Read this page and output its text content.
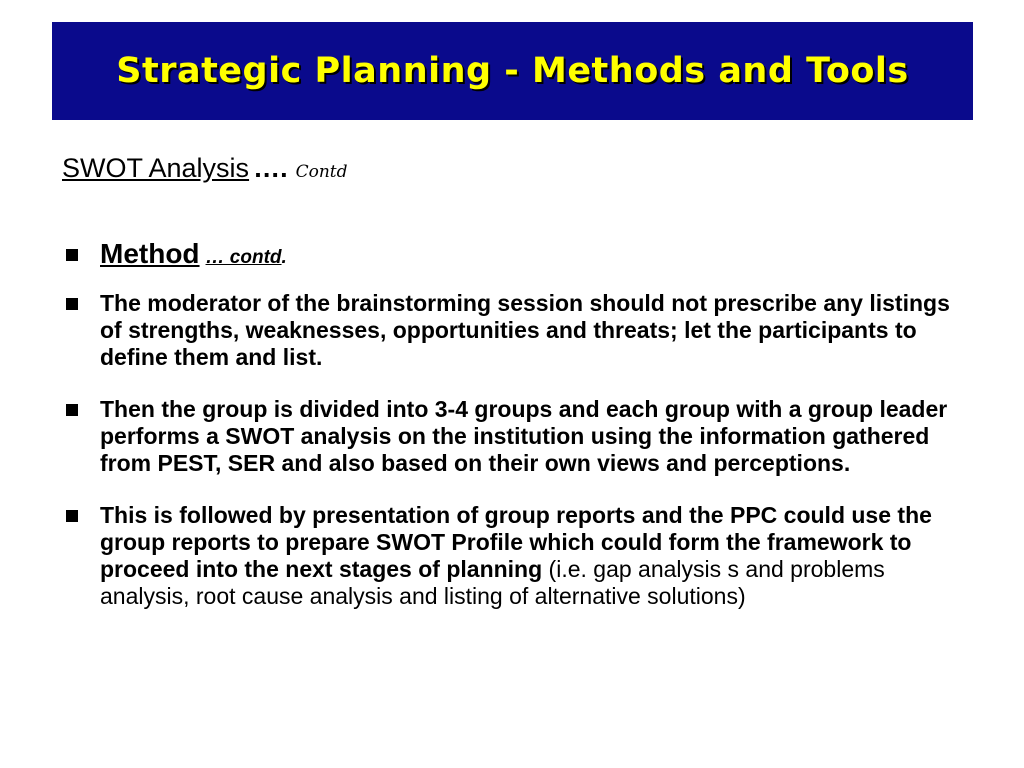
Strategic Planning - Methods and Tools
SWOT Analysis …. Contd
Method … contd.
The moderator of the brainstorming session should not prescribe any listings of strengths, weaknesses, opportunities and threats; let the participants to define them and list.
Then the group is divided into 3-4 groups and each group with a group leader performs a SWOT analysis on the institution using the information gathered from PEST, SER and also based on their own views and perceptions.
This is followed by presentation of group reports and the PPC could use the group reports to prepare SWOT Profile which could form the framework to proceed into the next stages of planning (i.e. gap analysis s and problems analysis, root cause analysis and listing of alternative solutions)
